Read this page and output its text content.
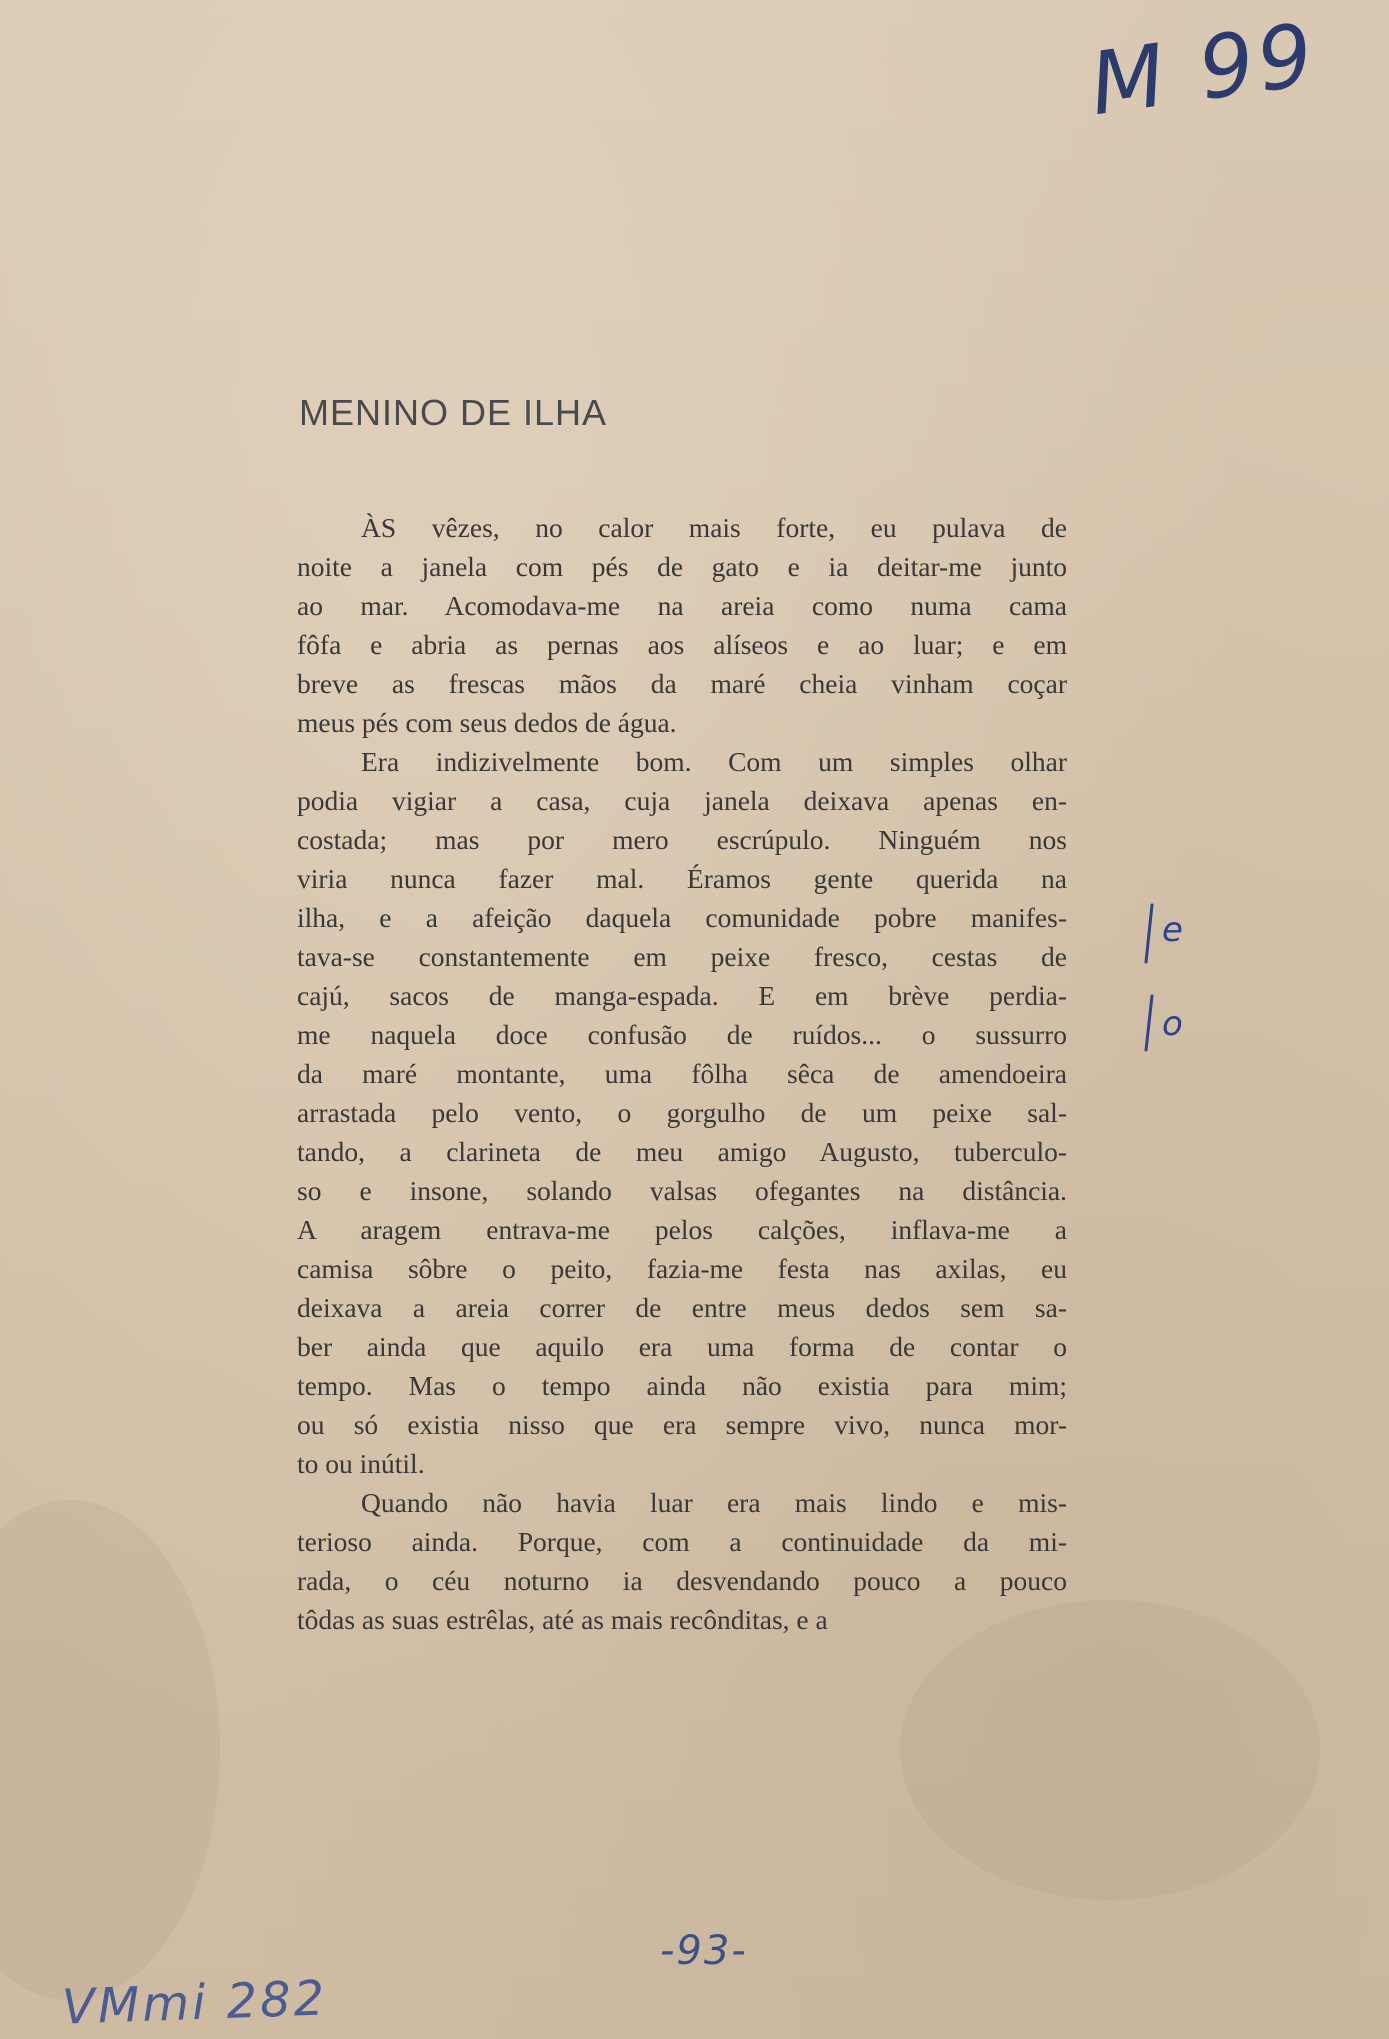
M 99
MENINO DE ILHA
ÀS vêzes, no calor mais forte, eu pulava de
noite a janela com pés de gato e ia deitar-me junto
ao mar. Acomodava-me na areia como numa cama
fôfa e abria as pernas aos alíseos e ao luar; e em
breve as frescas mãos da maré cheia vinham coçar
meus pés com seus dedos de água.
Era indizivelmente bom. Com um simples olhar
podia vigiar a casa, cuja janela deixava apenas en-
costada; mas por mero escrúpulo. Ninguém nos
viria nunca fazer mal. Éramos gente querida na
ilha, e a afeição daquela comunidade pobre manifes-
tava-se constantemente em peixe fresco, cestas de
cajú, sacos de manga-espada. E em brève perdia-
me naquela doce confusão de ruídos... o sussurro
da maré montante, uma fôlha sêca de amendoeira
arrastada pelo vento, o gorgulho de um peixe sal-
tando, a clarineta de meu amigo Augusto, tuberculo-
so e insone, solando valsas ofegantes na distância.
A aragem entrava-me pelos calções, inflava-me a
camisa sôbre o peito, fazia-me festa nas axilas, eu
deixava a areia correr de entre meus dedos sem sa-
ber ainda que aquilo era uma forma de contar o
tempo. Mas o tempo ainda não existia para mim;
ou só existia nisso que era sempre vivo, nunca mor-
to ou inútil.
Quando não havia luar era mais lindo e mis-
terioso ainda. Porque, com a continuidade da mi-
rada, o céu noturno ia desvendando pouco a pouco
tôdas as suas estrêlas, até as mais recônditas, e a
e
o
-93-
VMmi 282
